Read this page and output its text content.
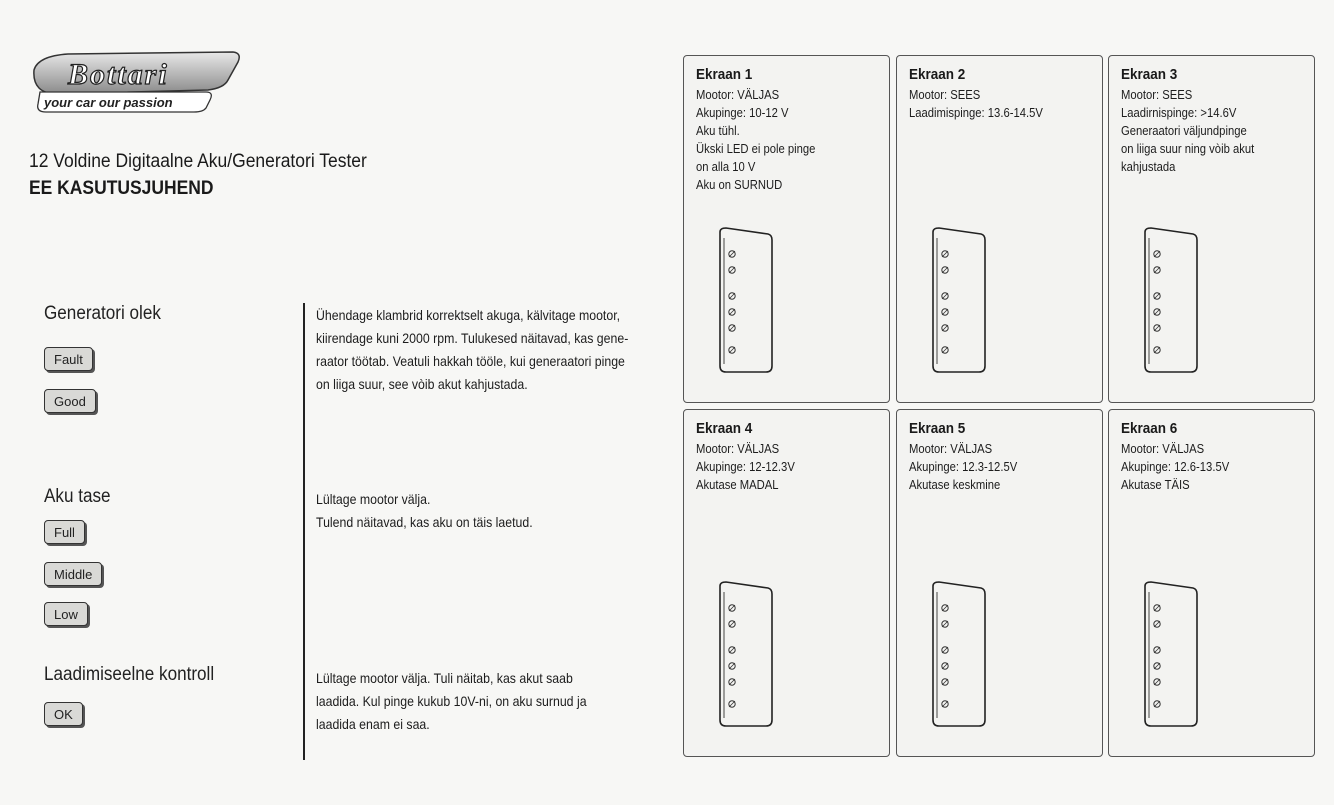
Bottari
your car our passion
12 Voldine Digitaalne Aku/Generatori Tester
EE KASUTUSJUHEND
Generatori olek
Fault
Good
Aku tase
Full
Middle
Low
Laadimiseelne kontroll
OK
Ühendage klambrid korrektselt akuga, kälvitage mootor,
kiirendage kuni 2000 rpm. Tulukesed näitavad, kas gene-
raator töötab. Veatuli hakkah tööle, kui generaatori pinge
on liiga suur, see vòib akut kahjustada.
Lültage mootor välja.
Tulend näitavad, kas aku on täis laetud.
Lültage mootor välja. Tuli näitab, kas akut saab
laadida. Kul pinge kukub 10V-ni, on aku surnud ja
laadida enam ei saa.
Ekraan 1
Mootor: VÄLJAS
Akupinge: 10-12 V
Aku tühl.
Ükski LED ei pole pinge
on alla 10 V
Aku on SURNUD
Ekraan 2
Mootor: SEES
Laadimispinge: 13.6-14.5V
Ekraan 3
Mootor: SEES
Laadirnispinge: >14.6V
Generaatori väljundpinge
on liiga suur ning vòib akut
kahjustada
Ekraan 4
Mootor: VÄLJAS
Akupinge: 12-12.3V
Akutase MADAL
Ekraan 5
Mootor: VÄLJAS
Akupinge: 12.3-12.5V
Akutase keskmine
Ekraan 6
Mootor: VÄLJAS
Akupinge: 12.6-13.5V
Akutase TÄIS
